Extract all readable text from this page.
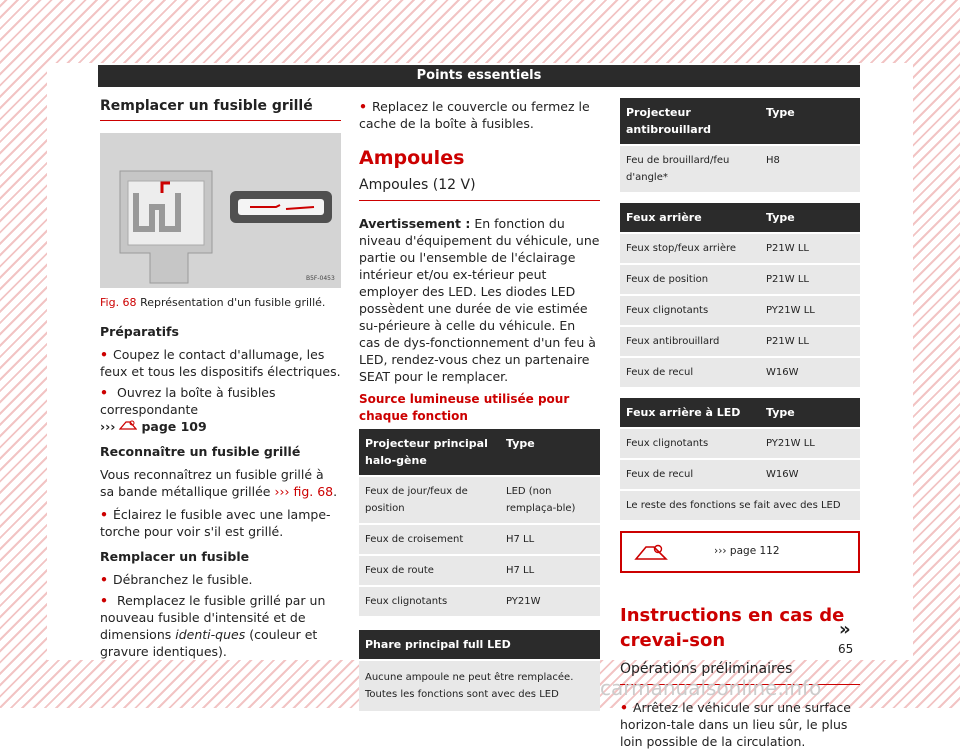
Points essentiels
Remplacer un fusible grillé
B5F-0453
Fig. 68 Représentation d'un fusible grillé.

Préparatifs

• Coupez le contact d'allumage, les feux et tous les dispositifs électriques.

• Ouvrez la boîte à fusibles correspondante
››› page 109

Reconnaître un fusible grillé

Vous reconnaîtrez un fusible grillé à sa bande métallique grillée ››› fig. 68.

• Éclairez le fusible avec une lampe-torche pour voir s'il est grillé.

Remplacer un fusible

• Débranchez le fusible.

• Remplacez le fusible grillé par un nouveau fusible d'intensité et de dimensions identi-ques (couleur et gravure identiques).

• Replacez le couvercle ou fermez le cache de la boîte à fusibles.

Ampoules
Ampoules (12 V)

Avertissement : En fonction du niveau d'équipement du véhicule, une partie ou l'ensemble de l'éclairage intérieur et/ou ex-térieur peut employer des LED. Les diodes LED possèdent une durée de vie estimée su-périeure à celle du véhicule. En cas de dys-fonctionnement d'un feu à LED, rendez-vous chez un partenaire SEAT pour le remplacer.

Source lumineuse utilisée pour chaque fonction
Projecteur principal halo-gène	Type
Feux de jour/feux de position	LED (non remplaça-ble)
Feux de croisement	H7 LL
Feux de route	H7 LL
Feux clignotants	PY21W
Phare principal full LED
Aucune ampoule ne peut être remplacée. Toutes les fonctions sont avec des LED
Projecteur antibrouillard	Type
Feu de brouillard/feu d'angle*	H8
Feux arrière	Type
Feux stop/feux arrière	P21W LL
Feux de position	P21W LL
Feux clignotants	PY21W LL
Feux antibrouillard	P21W LL
Feux de recul	W16W
Feux arrière à LED	Type
Feux clignotants	PY21W LL
Feux de recul	W16W
Le reste des fonctions se fait avec des LED	
››› page 112
Instructions en cas de crevai-son
Opérations préliminaires

• Arrêtez le véhicule sur une surface horizon-tale dans un lieu sûr, le plus loin possible de la circulation.

»
65
carmanualsonline.info
